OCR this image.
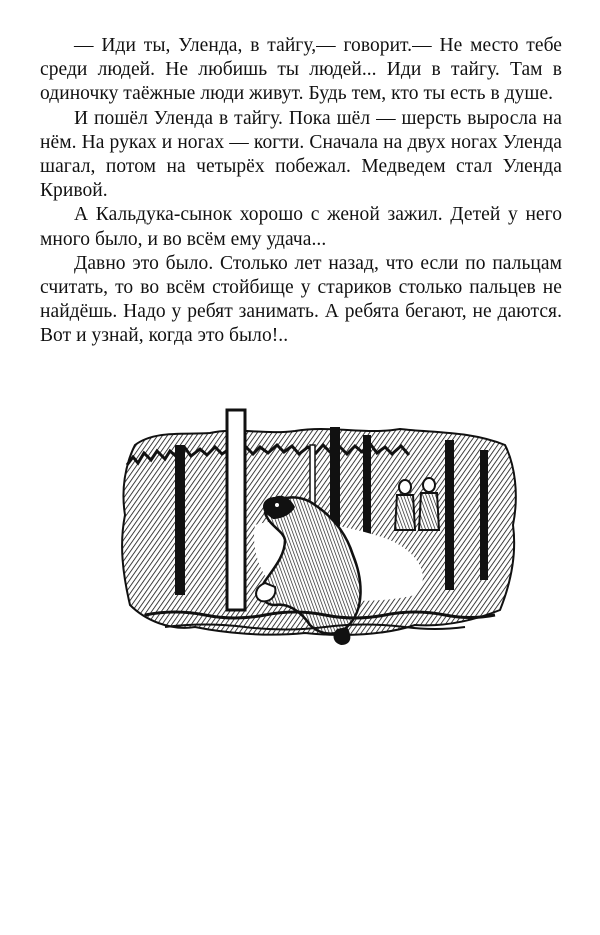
— Иди ты, Уленда, в тайгу,— говорит.— Не место тебе среди людей. Не любишь ты людей... Иди в тайгу. Там в одиночку таёжные люди живут. Будь тем, кто ты есть в душе.

И пошёл Уленда в тайгу. Пока шёл — шерсть выросла на нём. На руках и ногах — когти. Сначала на двух ногах Уленда шагал, потом на четырёх побежал. Медведем стал Уленда Кривой.

А Кальдука-сынок хорошо с женой зажил. Детей у него много было, и во всём ему удача...

Давно это было. Столько лет назад, что если по пальцам считать, то во всём стойбище у стариков столько пальцев не найдёшь. Надо у ребят занимать. А ребята бегают, не даются. Вот и узнай, когда это было!..
